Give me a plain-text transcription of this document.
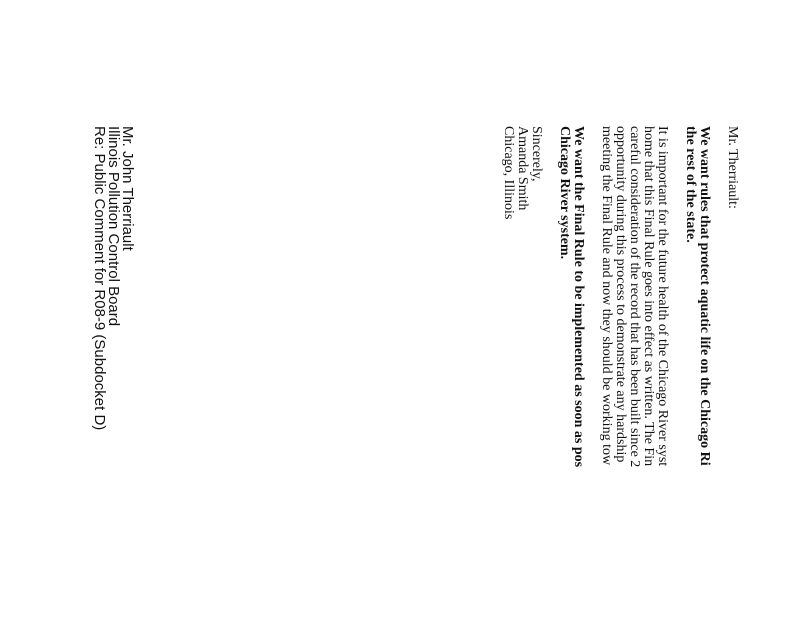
Mr. Therriault:
We want rules that protect aquatic life on the Chicago Ri
the rest of the state.
It is important for the future health of the Chicago River syst
home that this Final Rule goes into effect as written. The Fin
careful consideration of the record that has been built since 2
opportunity during this process to demonstrate any hardship
meeting the Final Rule and now they should be working tow
We want the Final Rule to be implemented as soon as pos
Chicago River system.
Sincerely,
Amanda Smith
Chicago, Illinois
Mr. John Therriault
Illinois Pollution Control Board
Re: Public Comment for R08-9 (Subdocket D)
